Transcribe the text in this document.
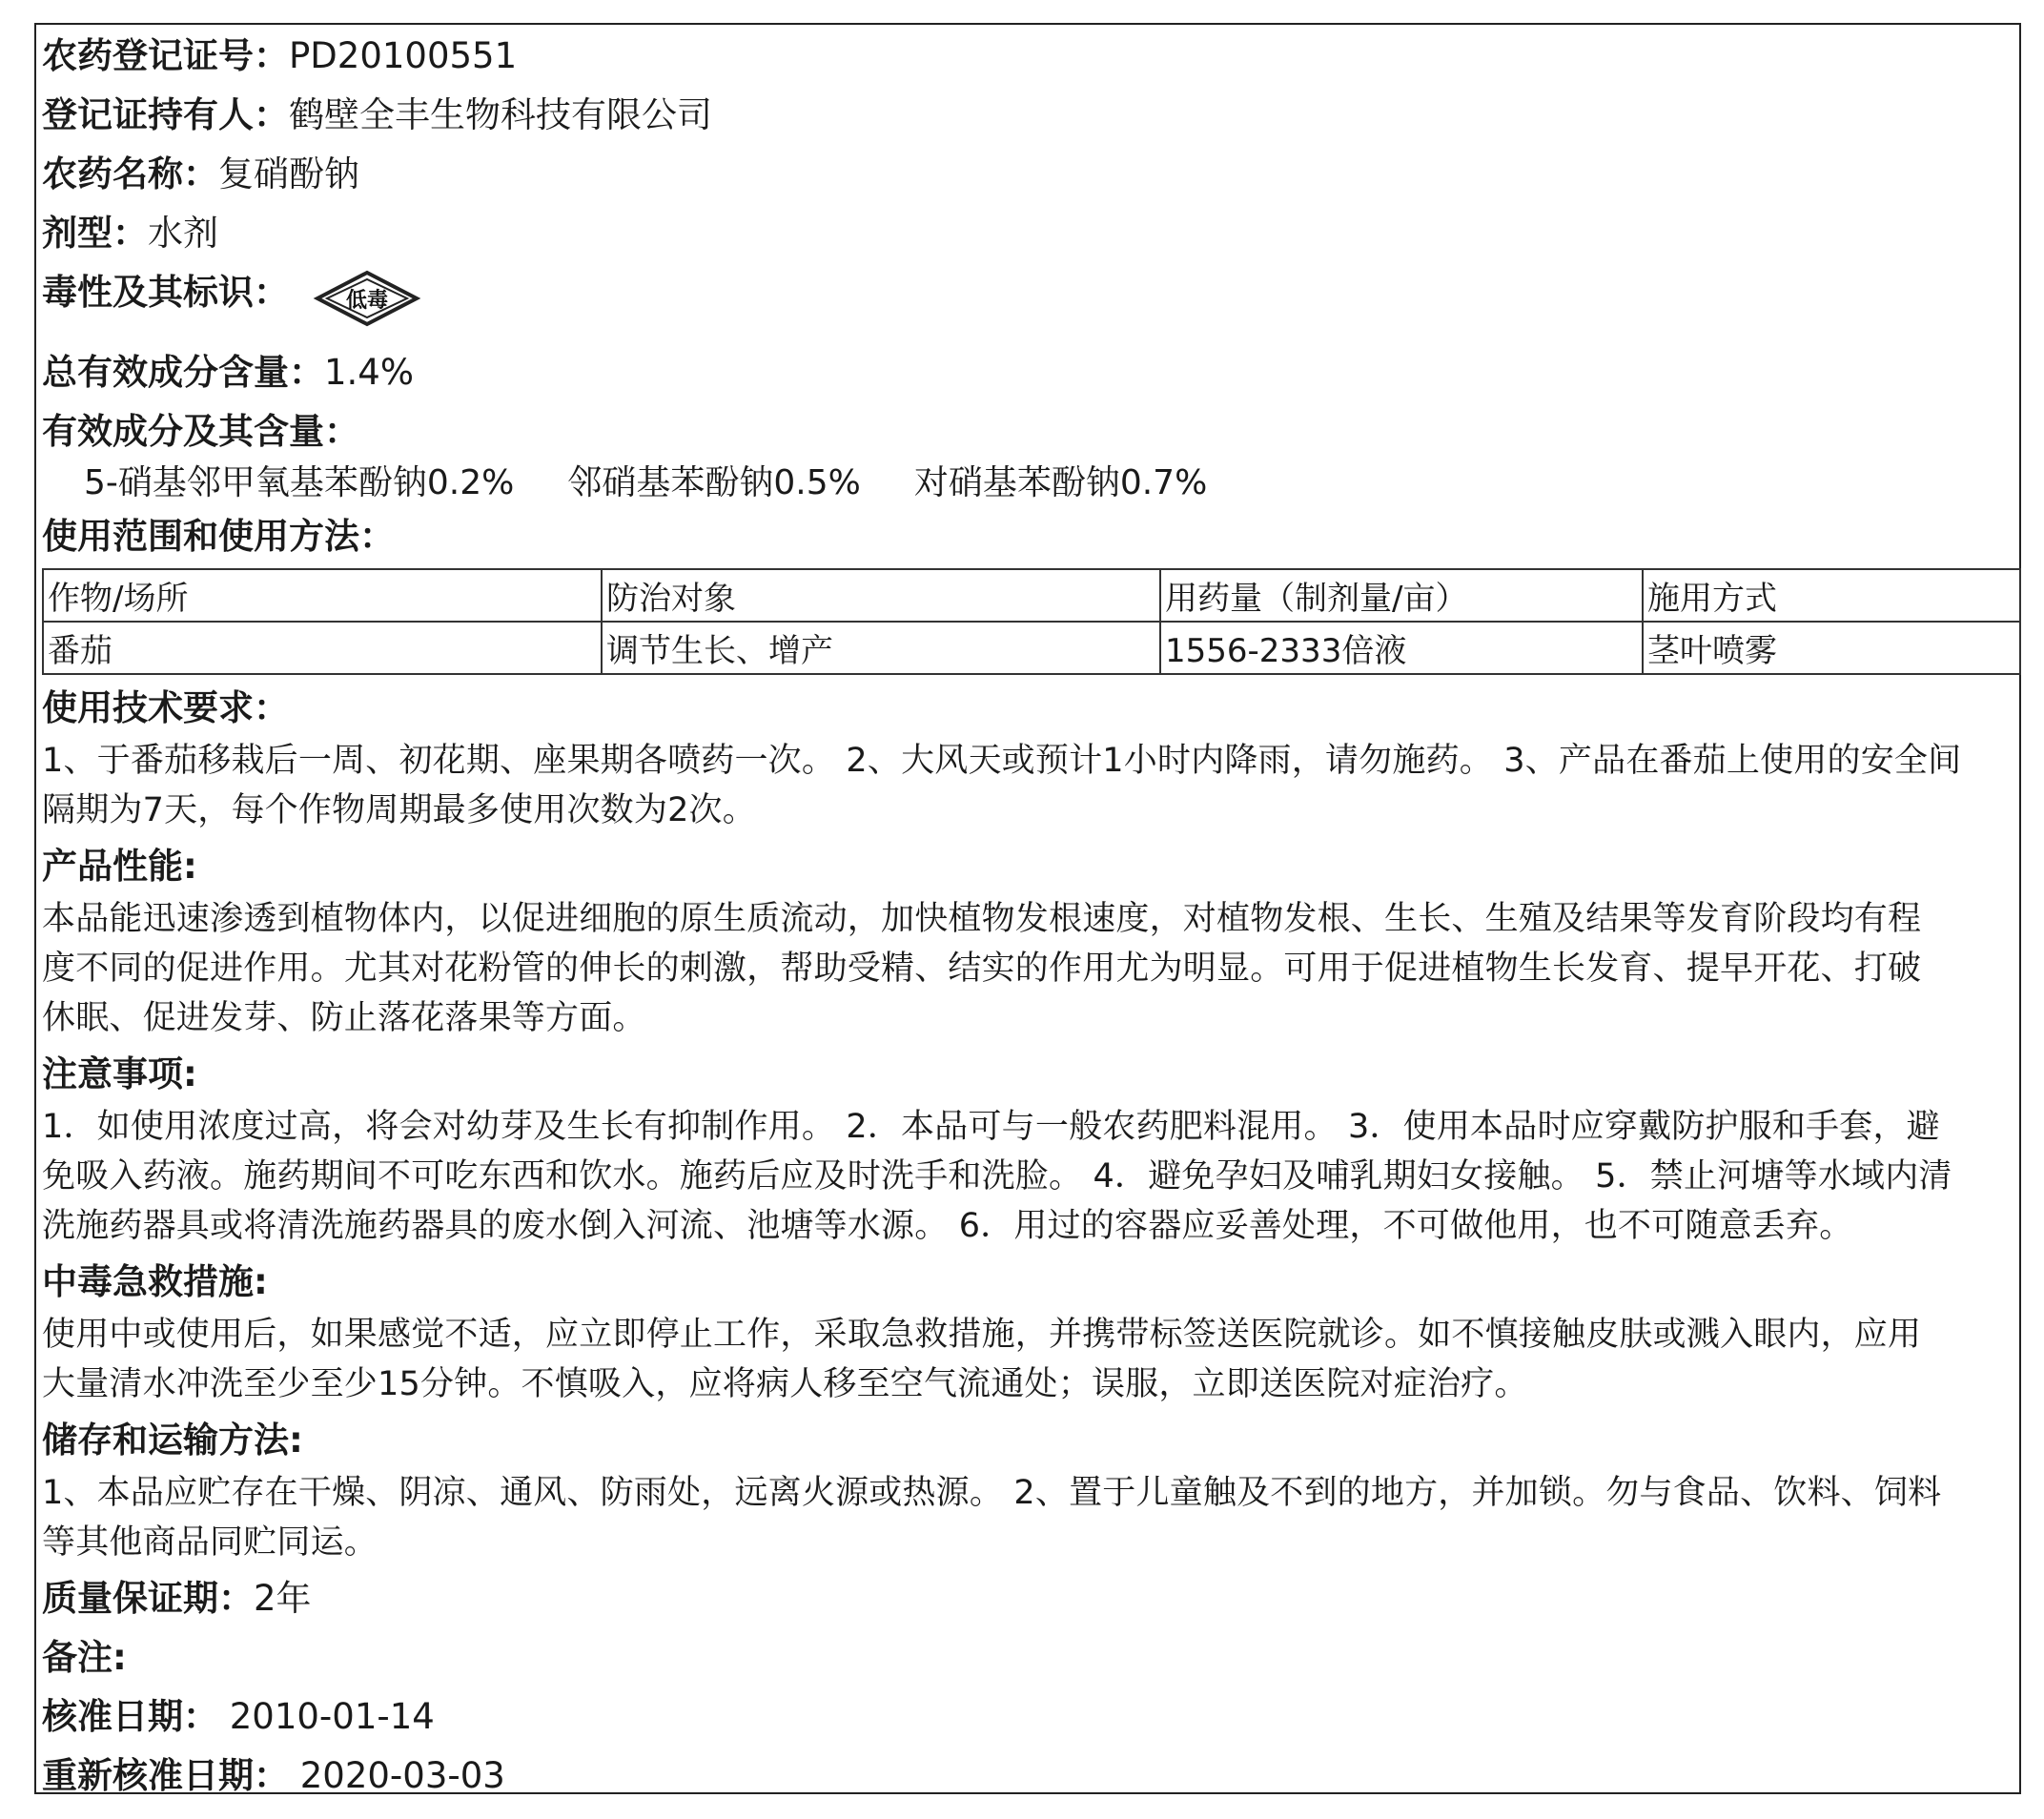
农药登记证号：PD20100551
登记证持有人：鹤壁全丰生物科技有限公司
农药名称：复硝酚钠
剂型：水剂
毒性及其标识：	低毒
总有效成分含量：1.4%
有效成分及其含量：
5-硝基邻甲氧基苯酚钠0.2% 邻硝基苯酚钠0.5% 对硝基苯酚钠0.7%
使用范围和使用方法：
作物/场所	防治对象	用药量（制剂量/亩）	施用方式
番茄	调节生长、增产	1556-2333倍液	茎叶喷雾
使用技术要求：
1、于番茄移栽后一周、初花期、座果期各喷药一次。 2、大风天或预计1小时内降雨，请勿施药。 3、产品在番茄上使用的安全间
隔期为7天，每个作物周期最多使用次数为2次。
产品性能:
本品能迅速渗透到植物体内，以促进细胞的原生质流动，加快植物发根速度，对植物发根、生长、生殖及结果等发育阶段均有程
度不同的促进作用。尤其对花粉管的伸长的刺激，帮助受精、结实的作用尤为明显。可用于促进植物生长发育、提早开花、打破
休眠、促进发芽、防止落花落果等方面。
注意事项:
1．如使用浓度过高，将会对幼芽及生长有抑制作用。 2．本品可与一般农药肥料混用。 3．使用本品时应穿戴防护服和手套，避
免吸入药液。施药期间不可吃东西和饮水。施药后应及时洗手和洗脸。 4．避免孕妇及哺乳期妇女接触。 5．禁止河塘等水域内清
洗施药器具或将清洗施药器具的废水倒入河流、池塘等水源。 6．用过的容器应妥善处理，不可做他用，也不可随意丢弃。
中毒急救措施:
使用中或使用后，如果感觉不适，应立即停止工作，采取急救措施，并携带标签送医院就诊。如不慎接触皮肤或溅入眼内，应用
大量清水冲洗至少至少15分钟。不慎吸入，应将病人移至空气流通处；误服，立即送医院对症治疗。
储存和运输方法:
1、本品应贮存在干燥、阴凉、通风、防雨处，远离火源或热源。 2、置于儿童触及不到的地方，并加锁。勿与食品、饮料、饲料
等其他商品同贮同运。
质量保证期：2年
备注:
核准日期： 2010-01-14
重新核准日期： 2020-03-03
